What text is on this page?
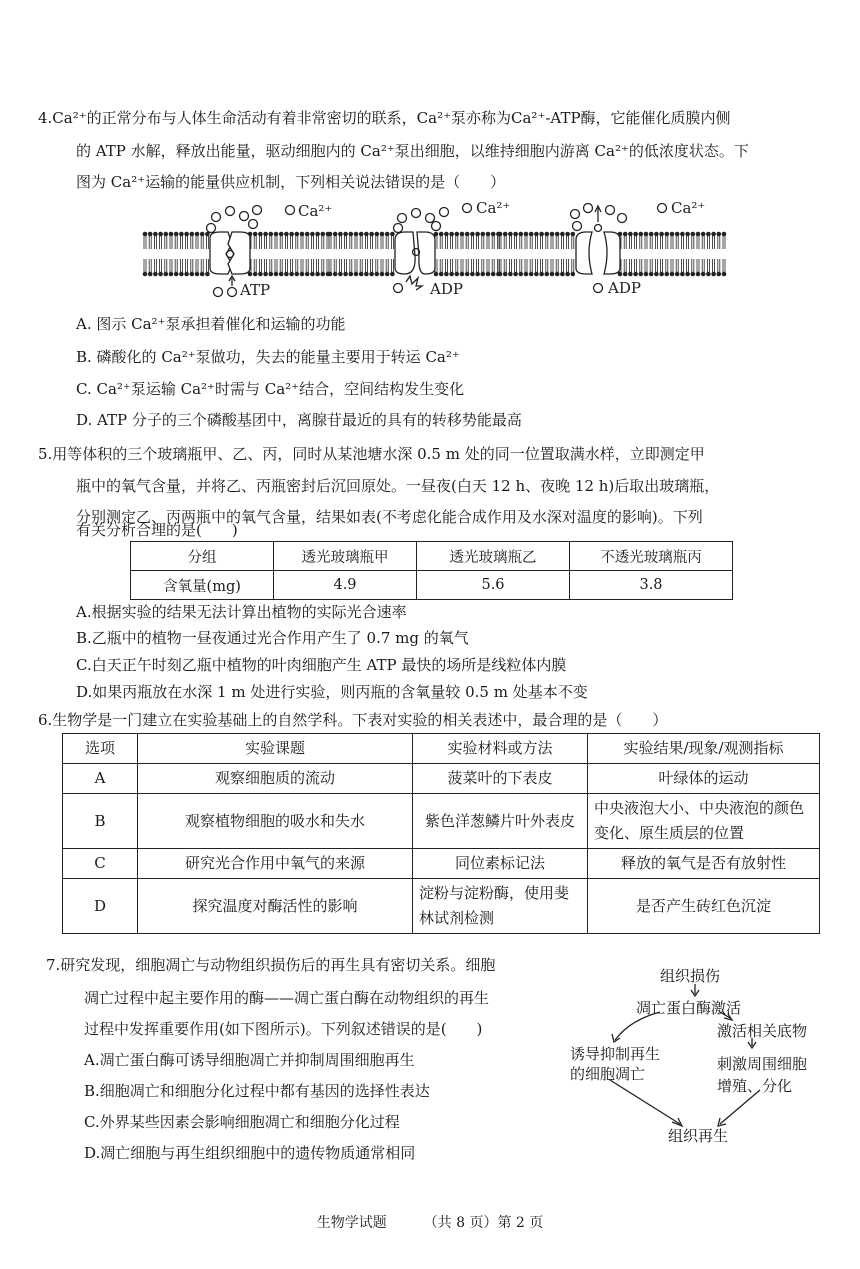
4.Ca²⁺的正常分布与人体生命活动有着非常密切的联系，Ca²⁺泵亦称为Ca²⁺-ATP酶，它能催化质膜内侧
的 ATP 水解，释放出能量，驱动细胞内的 Ca²⁺泵出细胞，以维持细胞内游离 Ca²⁺的低浓度状态。下
图为 Ca²⁺运输的能量供应机制，下列相关说法错误的是（　　）
Ca²⁺	Ca²⁺	Ca²⁺
ATP	ADP	ADP
A. 图示 Ca²⁺泵承担着催化和运输的功能
B. 磷酸化的 Ca²⁺泵做功，失去的能量主要用于转运 Ca²⁺
C. Ca²⁺泵运输 Ca²⁺时需与 Ca²⁺结合，空间结构发生变化
D. ATP 分子的三个磷酸基团中，离腺苷最近的具有的转移势能最高
5.用等体积的三个玻璃瓶甲、乙、丙，同时从某池塘水深 0.5 m 处的同一位置取满水样，立即测定甲
瓶中的氧气含量，并将乙、丙瓶密封后沉回原处。一昼夜(白天 12 h、夜晚 12 h)后取出玻璃瓶，
分别测定乙、丙两瓶中的氧气含量，结果如表(不考虑化能合成作用及水深对温度的影响)。下列
有关分析合理的是(　　)
分组	透光玻璃瓶甲	透光玻璃瓶乙	不透光玻璃瓶丙
含氧量(mg)	4.9	5.6	3.8
A.根据实验的结果无法计算出植物的实际光合速率
B.乙瓶中的植物一昼夜通过光合作用产生了 0.7 mg 的氧气
C.白天正午时刻乙瓶中植物的叶肉细胞产生 ATP 最快的场所是线粒体内膜
D.如果丙瓶放在水深 1 m 处进行实验，则丙瓶的含氧量较 0.5 m 处基本不变
6.生物学是一门建立在实验基础上的自然学科。下表对实验的相关表述中，最合理的是（　　）
选项	实验课题	实验材料或方法	实验结果/现象/观测指标
A	观察细胞质的流动	菠菜叶的下表皮	叶绿体的运动
B	观察植物细胞的吸水和失水	紫色洋葱鳞片叶外表皮	中央液泡大小、中央液泡的颜色变化、原生质层的位置
C	研究光合作用中氧气的来源	同位素标记法	释放的氧气是否有放射性
D	探究温度对酶活性的影响	淀粉与淀粉酶，使用斐林试剂检测	是否产生砖红色沉淀
7.研究发现，细胞凋亡与动物组织损伤后的再生具有密切关系。细胞
凋亡过程中起主要作用的酶——凋亡蛋白酶在动物组织的再生
过程中发挥重要作用(如下图所示)。下列叙述错误的是(　　)
A.凋亡蛋白酶可诱导细胞凋亡并抑制周围细胞再生
B.细胞凋亡和细胞分化过程中都有基因的选择性表达
C.外界某些因素会影响细胞凋亡和细胞分化过程
D.凋亡细胞与再生组织细胞中的遗传物质通常相同
组织损伤
凋亡蛋白酶激活
激活相关底物
诱导抑制再生
的细胞凋亡
刺激周围细胞
增殖、分化
组织再生
生物学试题	（共 8 页）第 2 页
